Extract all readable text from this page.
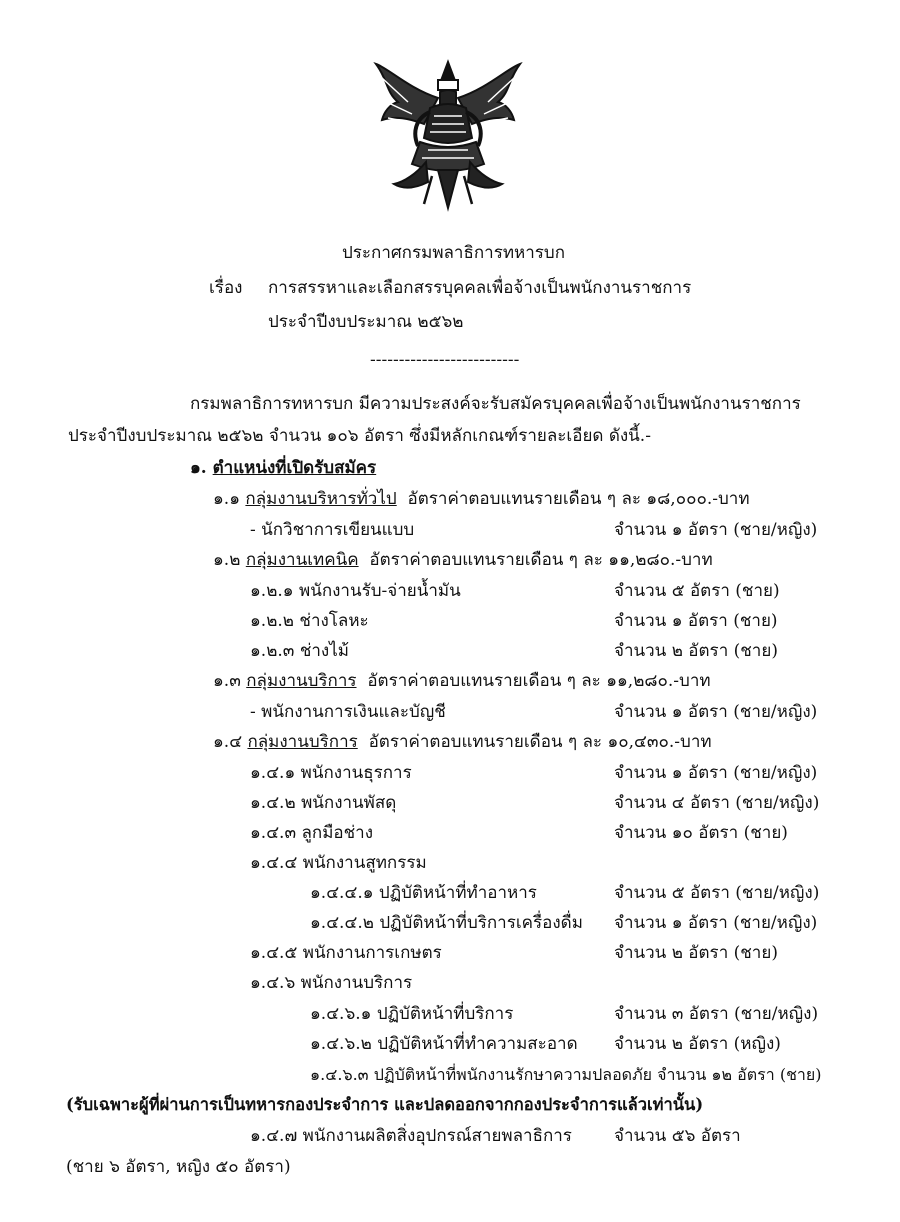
ประกาศกรมพลาธิการทหารบก
เรื่อง การสรรหาและเลือกสรรบุคคลเพื่อจ้างเป็นพนักงานราชการ
ประจำปีงบประมาณ ๒๕๖๒
--------------------------
กรมพลาธิการทหารบก มีความประสงค์จะรับสมัครบุคคลเพื่อจ้างเป็นพนักงานราชการ
ประจำปีงบประมาณ ๒๕๖๒ จำนวน ๑๐๖ อัตรา ซึ่งมีหลักเกณฑ์รายละเอียด ดังนี้.-
๑. ตำแหน่งที่เปิดรับสมัคร
๑.๑ กลุ่มงานบริหารทั่วไป อัตราค่าตอบแทนรายเดือน ๆ ละ ๑๘,๐๐๐.-บาท
- นักวิชาการเขียนแบบ	จำนวน ๑ อัตรา (ชาย/หญิง)
๑.๒ กลุ่มงานเทคนิค อัตราค่าตอบแทนรายเดือน ๆ ละ ๑๑,๒๘๐.-บาท
๑.๒.๑ พนักงานรับ-จ่ายน้ำมัน	จำนวน ๕ อัตรา (ชาย)
๑.๒.๒ ช่างโลหะ	จำนวน ๑ อัตรา (ชาย)
๑.๒.๓ ช่างไม้	จำนวน ๒ อัตรา (ชาย)
๑.๓ กลุ่มงานบริการ อัตราค่าตอบแทนรายเดือน ๆ ละ ๑๑,๒๘๐.-บาท
- พนักงานการเงินและบัญชี	จำนวน ๑ อัตรา (ชาย/หญิง)
๑.๔ กลุ่มงานบริการ อัตราค่าตอบแทนรายเดือน ๆ ละ ๑๐,๔๓๐.-บาท
๑.๔.๑ พนักงานธุรการ	จำนวน ๑ อัตรา (ชาย/หญิง)
๑.๔.๒ พนักงานพัสดุ	จำนวน ๔ อัตรา (ชาย/หญิง)
๑.๔.๓ ลูกมือช่าง	จำนวน ๑๐ อัตรา (ชาย)
๑.๔.๔ พนักงานสูทกรรม
๑.๔.๔.๑ ปฏิบัติหน้าที่ทำอาหาร	จำนวน ๕ อัตรา (ชาย/หญิง)
๑.๔.๔.๒ ปฏิบัติหน้าที่บริการเครื่องดื่ม จำนวน ๑ อัตรา (ชาย/หญิง)
๑.๔.๕ พนักงานการเกษตร	จำนวน ๒ อัตรา (ชาย)
๑.๔.๖ พนักงานบริการ
๑.๔.๖.๑ ปฏิบัติหน้าที่บริการ	จำนวน ๓ อัตรา (ชาย/หญิง)
๑.๔.๖.๒ ปฏิบัติหน้าที่ทำความสะอาด จำนวน ๒ อัตรา (หญิง)
๑.๔.๖.๓ ปฏิบัติหน้าที่พนักงานรักษาความปลอดภัย จำนวน ๑๒ อัตรา (ชาย)
(รับเฉพาะผู้ที่ผ่านการเป็นทหารกองประจำการ และปลดออกจากกองประจำการแล้วเท่านั้น)
๑.๔.๗ พนักงานผลิตสิ่งอุปกรณ์สายพลาธิการ จำนวน ๕๖ อัตรา
(ชาย ๖ อัตรา, หญิง ๕๐ อัตรา)
